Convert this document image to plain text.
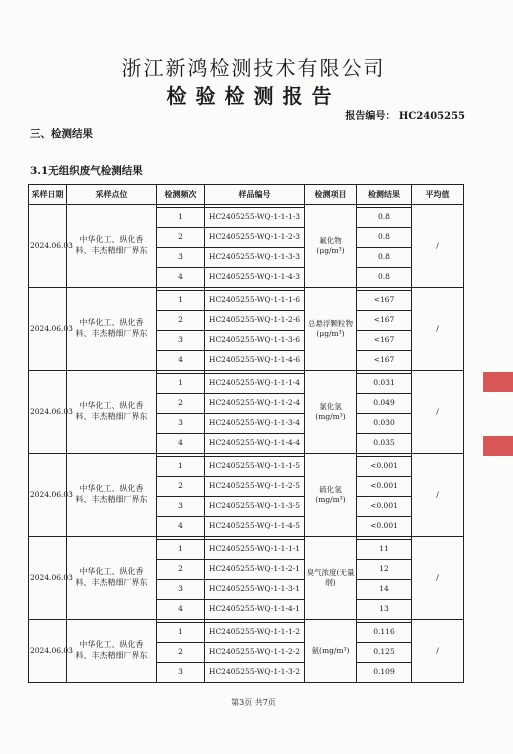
浙江新鸿检测技术有限公司
检验检测报告
报告编号： HC2405255
三、检测结果
3.1无组织废气检测结果
采样日期	采样点位	检测频次	样品编号	检测项目	检测结果	平均值
2024.06.03	中华化工、纵化香料、丰杰精细厂界东			氟化物(μg/m³)		/
		1	HC2405255-WQ-1-1-1-3		0.8	

		2	HC2405255-WQ-1-1-2-3		0.8	

		3	HC2405255-WQ-1-1-3-3		0.8	

		4	HC2405255-WQ-1-1-4-3		0.8	

2024.06.03	中华化工、纵化香料、丰杰精细厂界东			总悬浮颗粒物(μg/m³)		/
		1	HC2405255-WQ-1-1-1-6		<167	

		2	HC2405255-WQ-1-1-2-6		<167	

		3	HC2405255-WQ-1-1-3-6		<167	

		4	HC2405255-WQ-1-1-4-6		<167	

2024.06.03	中华化工、纵化香料、丰杰精细厂界东			氯化氢(mg/m³)		/
		1	HC2405255-WQ-1-1-1-4		0.031	

		2	HC2405255-WQ-1-1-2-4		0.049	

		3	HC2405255-WQ-1-1-3-4		0.030	

		4	HC2405255-WQ-1-1-4-4		0.035	

2024.06.03	中华化工、纵化香料、丰杰精细厂界东			硫化氢(mg/m³)		/
		1	HC2405255-WQ-1-1-1-5		<0.001	

		2	HC2405255-WQ-1-1-2-5		<0.001	

		3	HC2405255-WQ-1-1-3-5		<0.001	

		4	HC2405255-WQ-1-1-4-5		<0.001	

2024.06.03	中华化工、纵化香料、丰杰精细厂界东			臭气浓度(无量纲)		/
		1	HC2405255-WQ-1-1-1-1		11	

		2	HC2405255-WQ-1-1-2-1		12	

		3	HC2405255-WQ-1-1-3-1		14	

		4	HC2405255-WQ-1-1-4-1		13	

2024.06.03	中华化工、纵化香料、丰杰精细厂界东			氨(mg/m³)		/
		1	HC2405255-WQ-1-1-1-2		0.116	

		2	HC2405255-WQ-1-1-2-2		0.125	

		3	HC2405255-WQ-1-1-3-2		0.109	

第3页 共7页
